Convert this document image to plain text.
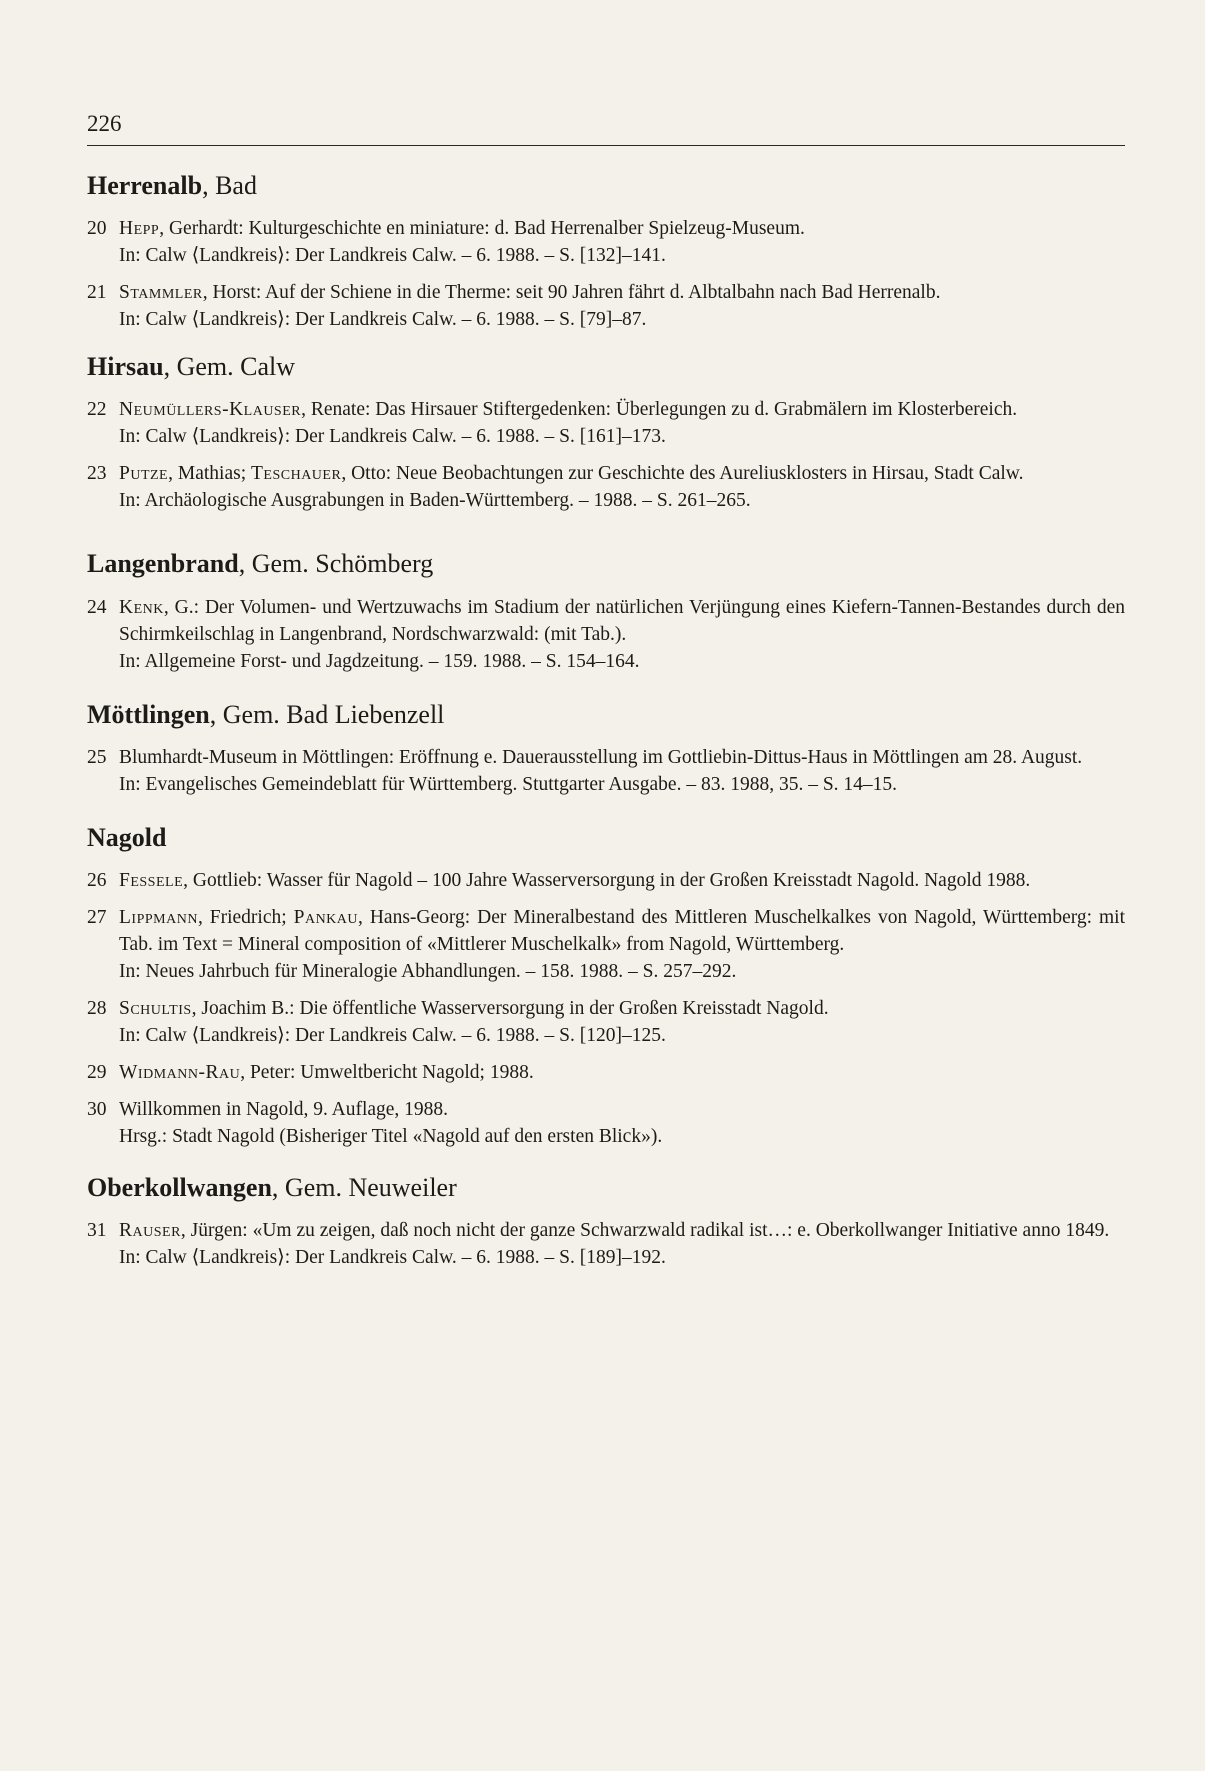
226
Herrenalb, Bad
20 Hepp, Gerhardt: Kulturgeschichte en miniature: d. Bad Herrenalber Spielzeug-Museum.
In: Calw ⟨Landkreis⟩: Der Landkreis Calw. – 6. 1988. – S. [132]–141.
21 Stammler, Horst: Auf der Schiene in die Therme: seit 90 Jahren fährt d. Albtalbahn nach Bad Herrenalb.
In: Calw ⟨Landkreis⟩: Der Landkreis Calw. – 6. 1988. – S. [79]–87.
Hirsau, Gem. Calw
22 Neumüllers-Klauser, Renate: Das Hirsauer Stiftergedenken: Überlegungen zu d. Grabmälern im Klosterbereich.
In: Calw ⟨Landkreis⟩: Der Landkreis Calw. – 6. 1988. – S. [161]–173.
23 Putze, Mathias; Teschauer, Otto: Neue Beobachtungen zur Geschichte des Aureliusklosters in Hirsau, Stadt Calw.
In: Archäologische Ausgrabungen in Baden-Württemberg. – 1988. – S. 261–265.
Langenbrand, Gem. Schömberg
24 Kenk, G.: Der Volumen- und Wertzuwachs im Stadium der natürlichen Verjüngung eines Kiefern-Tannen-Bestandes durch den Schirmkeilschlag in Langenbrand, Nordschwarzwald: (mit Tab.).
In: Allgemeine Forst- und Jagdzeitung. – 159. 1988. – S. 154–164.
Möttlingen, Gem. Bad Liebenzell
25 Blumhardt-Museum in Möttlingen: Eröffnung e. Dauerausstellung im Gottliebin-Dittus-Haus in Möttlingen am 28. August.
In: Evangelisches Gemeindeblatt für Württemberg. Stuttgarter Ausgabe. – 83. 1988, 35. – S. 14–15.
Nagold
26 Fessele, Gottlieb: Wasser für Nagold – 100 Jahre Wasserversorgung in der Großen Kreisstadt Nagold. Nagold 1988.
27 Lippmann, Friedrich; Pankau, Hans-Georg: Der Mineralbestand des Mittleren Muschelkalkes von Nagold, Württemberg: mit Tab. im Text = Mineral composition of «Mittlerer Muschelkalk» from Nagold, Württemberg.
In: Neues Jahrbuch für Mineralogie Abhandlungen. – 158. 1988. – S. 257–292.
28 Schultis, Joachim B.: Die öffentliche Wasserversorgung in der Großen Kreisstadt Nagold.
In: Calw ⟨Landkreis⟩: Der Landkreis Calw. – 6. 1988. – S. [120]–125.
29 Widmann-Rau, Peter: Umweltbericht Nagold; 1988.
30 Willkommen in Nagold, 9. Auflage, 1988.
Hrsg.: Stadt Nagold (Bisheriger Titel «Nagold auf den ersten Blick»).
Oberkollwangen, Gem. Neuweiler
31 Rauser, Jürgen: «Um zu zeigen, daß noch nicht der ganze Schwarzwald radikal ist…: e. Oberkollwanger Initiative anno 1849.
In: Calw ⟨Landkreis⟩: Der Landkreis Calw. – 6. 1988. – S. [189]–192.
